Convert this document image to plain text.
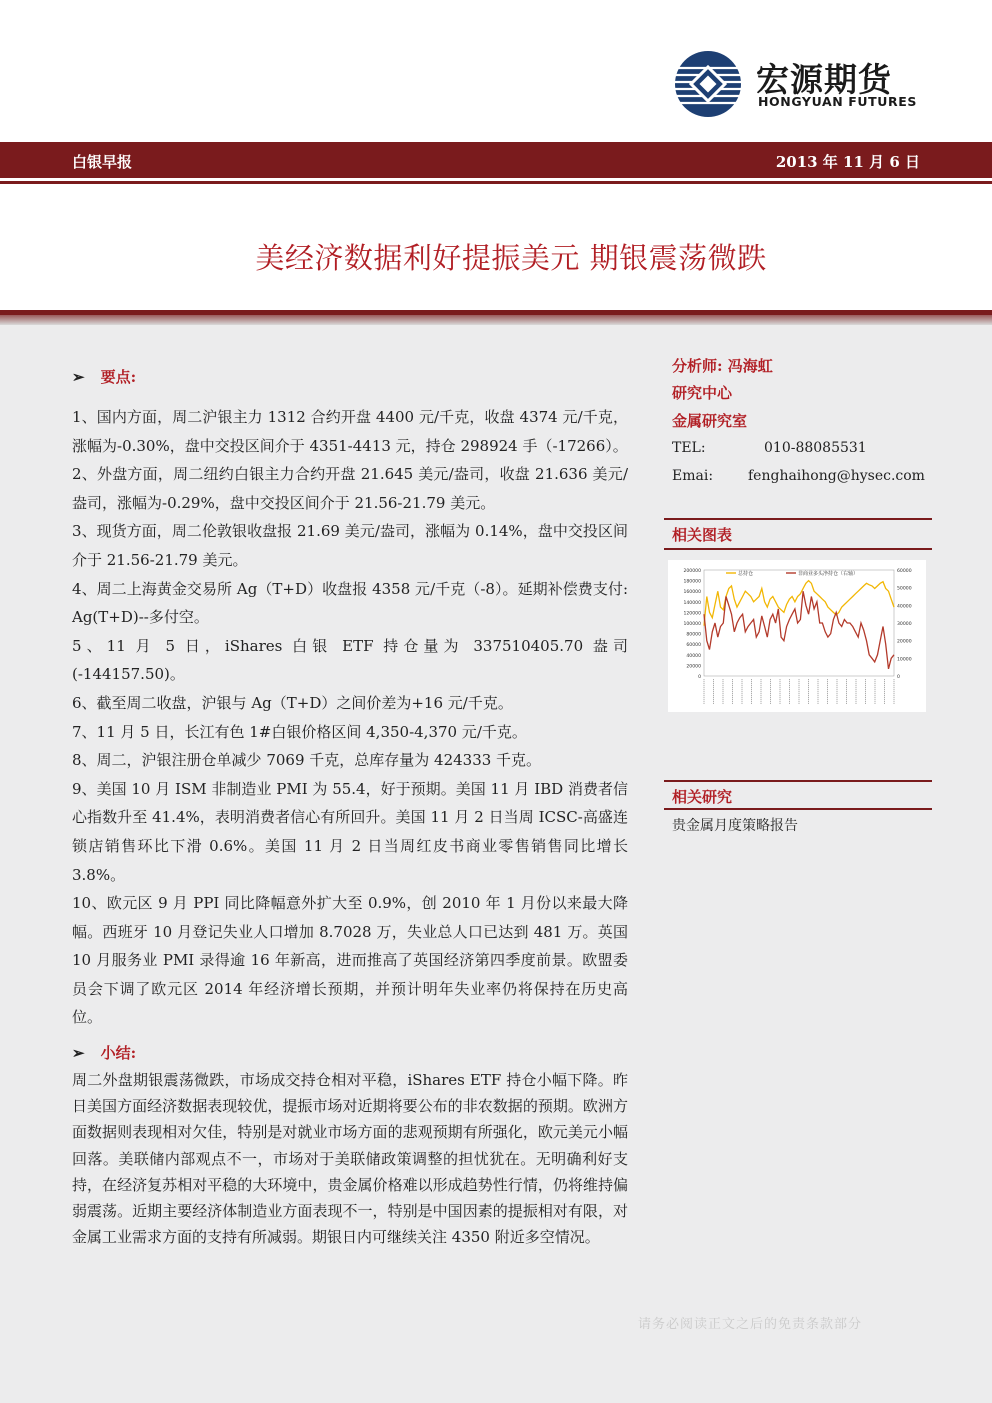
宏源期货
HONGYUAN FUTURES
白银早报	2013 年 11 月 6 日
美经济数据利好提振美元 期银震荡微跌
➢ 要点:

1、国内方面，周二沪银主力 1312 合约开盘 4400 元/千克，收盘 4374 元/千克，涨幅为-0.30%，盘中交投区间介于 4351-4413 元，持仓 298924 手（-17266）。

2、外盘方面，周二纽约白银主力合约开盘 21.645 美元/盎司，收盘 21.636 美元/盎司，涨幅为-0.29%，盘中交投区间介于 21.56-21.79 美元。

3、现货方面，周二伦敦银收盘报 21.69 美元/盎司，涨幅为 0.14%，盘中交投区间介于 21.56-21.79 美元。

4、周二上海黄金交易所 Ag（T+D）收盘报 4358 元/千克（-8）。延期补偿费支付: Ag(T+D)--多付空。

5、11 月 5 日，iShares 白银 ETF 持仓量为 337510405.70 盎司(-144157.50)。

6、截至周二收盘，沪银与 Ag（T+D）之间价差为+16 元/千克。

7、11 月 5 日，长江有色 1#白银价格区间 4,350-4,370 元/千克。

8、周二，沪银注册仓单减少 7069 千克，总库存量为 424333 千克。

9、美国 10 月 ISM 非制造业 PMI 为 55.4，好于预期。美国 11 月 IBD 消费者信心指数升至 41.4%，表明消费者信心有所回升。美国 11 月 2 日当周 ICSC-高盛连锁店销售环比下滑 0.6%。美国 11 月 2 日当周红皮书商业零售销售同比增长 3.8%。

10、欧元区 9 月 PPI 同比降幅意外扩大至 0.9%，创 2010 年 1 月份以来最大降幅。西班牙 10 月登记失业人口增加 8.7028 万，失业总人口已达到 481 万。英国 10 月服务业 PMI 录得逾 16 年新高，进而推高了英国经济第四季度前景。欧盟委员会下调了欧元区 2014 年经济增长预期，并预计明年失业率仍将保持在历史高位。

➢ 小结:
周二外盘期银震荡微跌，市场成交持仓相对平稳，iShares ETF 持仓小幅下降。昨日美国方面经济数据表现较优，提振市场对近期将要公布的非农数据的预期。欧洲方面数据则表现相对欠佳，特别是对就业市场方面的悲观预期有所强化，欧元美元小幅回落。美联储内部观点不一，市场对于美联储政策调整的担忧犹在。无明确利好支持，在经济复苏相对平稳的大环境中，贵金属价格难以形成趋势性行情，仍将维持偏弱震荡。近期主要经济体制造业方面表现不一，特别是中国因素的提振相对有限，对金属工业需求方面的支持有所减弱。期银日内可继续关注 4350 附近多空情况。
分析师: 冯海虹
研究中心
金属研究室
TEL:	010-88085531
Emai: fenghaihong@hysec.com
相关图表
200000
180000
160000
140000
120000
100000
80000
60000
40000
20000
0
60000
50000
40000
30000
20000
10000
0
总持仓	非商业多头净持仓（右轴）
相关研究
贵金属月度策略报告
请务必阅读正文之后的免责条款部分
